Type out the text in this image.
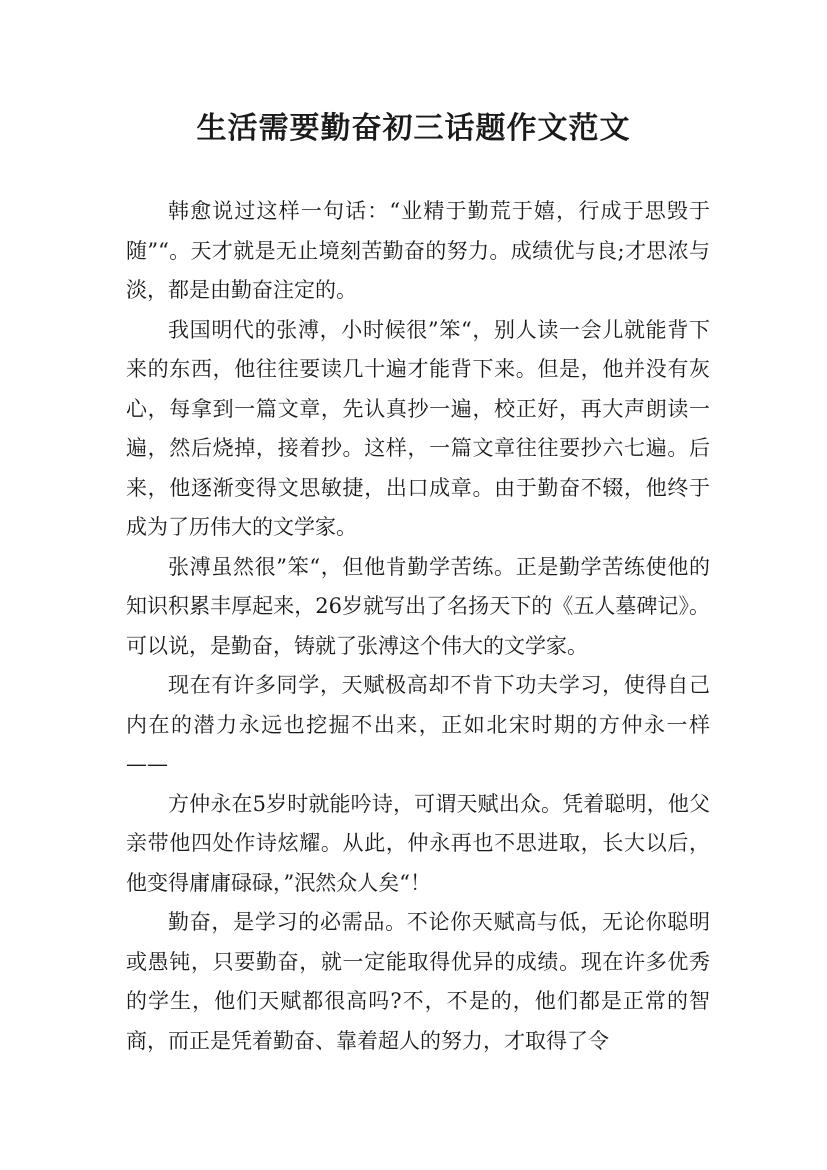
生活需要勤奋初三话题作文范文

韩愈说过这样一句话：“业精于勤荒于嬉，行成于思毁于随”“。天才就是无止境刻苦勤奋的努力。成绩优与良;才思浓与淡，都是由勤奋注定的。

我国明代的张溥，小时候很”笨“，别人读一会儿就能背下来的东西，他往往要读几十遍才能背下来。但是，他并没有灰心，每拿到一篇文章，先认真抄一遍，校正好，再大声朗读一遍，然后烧掉，接着抄。这样，一篇文章往往要抄六七遍。后来，他逐渐变得文思敏捷，出口成章。由于勤奋不辍，他终于成为了历伟大的文学家。

张溥虽然很”笨“，但他肯勤学苦练。正是勤学苦练使他的知识积累丰厚起来，26岁就写出了名扬天下的《五人墓碑记》。可以说，是勤奋，铸就了张溥这个伟大的文学家。

现在有许多同学，天赋极高却不肯下功夫学习，使得自己内在的潜力永远也挖掘不出来，正如北宋时期的方仲永一样——

方仲永在5岁时就能吟诗，可谓天赋出众。凭着聪明，他父亲带他四处作诗炫耀。从此，仲永再也不思进取，长大以后，他变得庸庸碌碌，”泯然众人矣“！

勤奋，是学习的必需品。不论你天赋高与低，无论你聪明或愚钝，只要勤奋，就一定能取得优异的成绩。现在许多优秀的学生，他们天赋都很高吗?不，不是的，他们都是正常的智商，而正是凭着勤奋、靠着超人的努力，才取得了令
